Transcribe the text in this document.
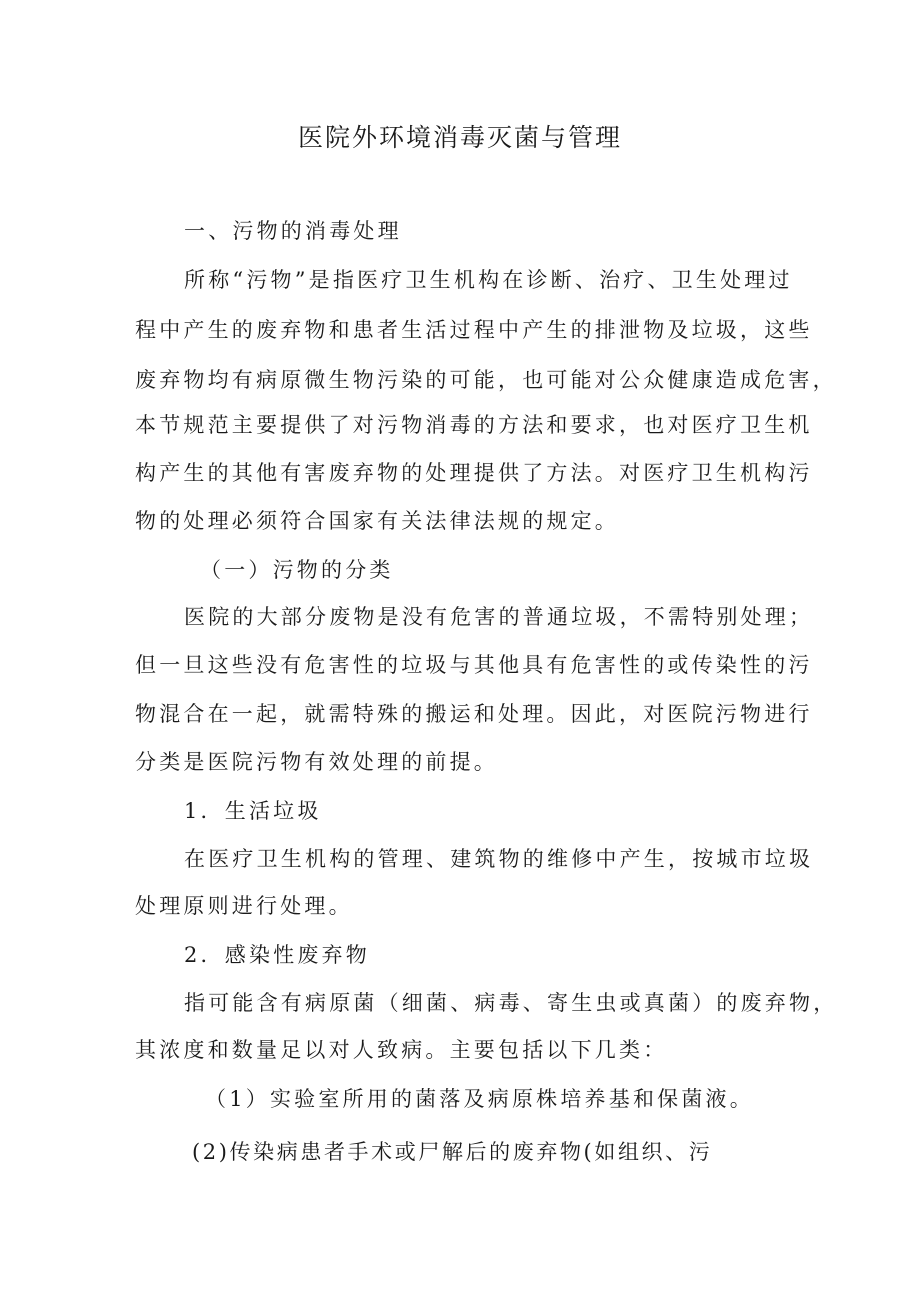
医院外环境消毒灭菌与管理
一、污物的消毒处理
所称“污物”是指医疗卫生机构在诊断、治疗、卫生处理过
程中产生的废弃物和患者生活过程中产生的排泄物及垃圾，这些
废弃物均有病原微生物污染的可能，也可能对公众健康造成危害，
本节规范主要提供了对污物消毒的方法和要求，也对医疗卫生机
构产生的其他有害废弃物的处理提供了方法。对医疗卫生机构污
物的处理必须符合国家有关法律法规的规定。
（一）污物的分类
医院的大部分废物是没有危害的普通垃圾，不需特别处理；
但一旦这些没有危害性的垃圾与其他具有危害性的或传染性的污
物混合在一起，就需特殊的搬运和处理。因此，对医院污物进行
分类是医院污物有效处理的前提。
1．生活垃圾
在医疗卫生机构的管理、建筑物的维修中产生，按城市垃圾
处理原则进行处理。
2．感染性废弃物
指可能含有病原菌（细菌、病毒、寄生虫或真菌）的废弃物，
其浓度和数量足以对人致病。主要包括以下几类：
（1）实验室所用的菌落及病原株培养基和保菌液。
(2)传染病患者手术或尸解后的废弃物(如组织、污
